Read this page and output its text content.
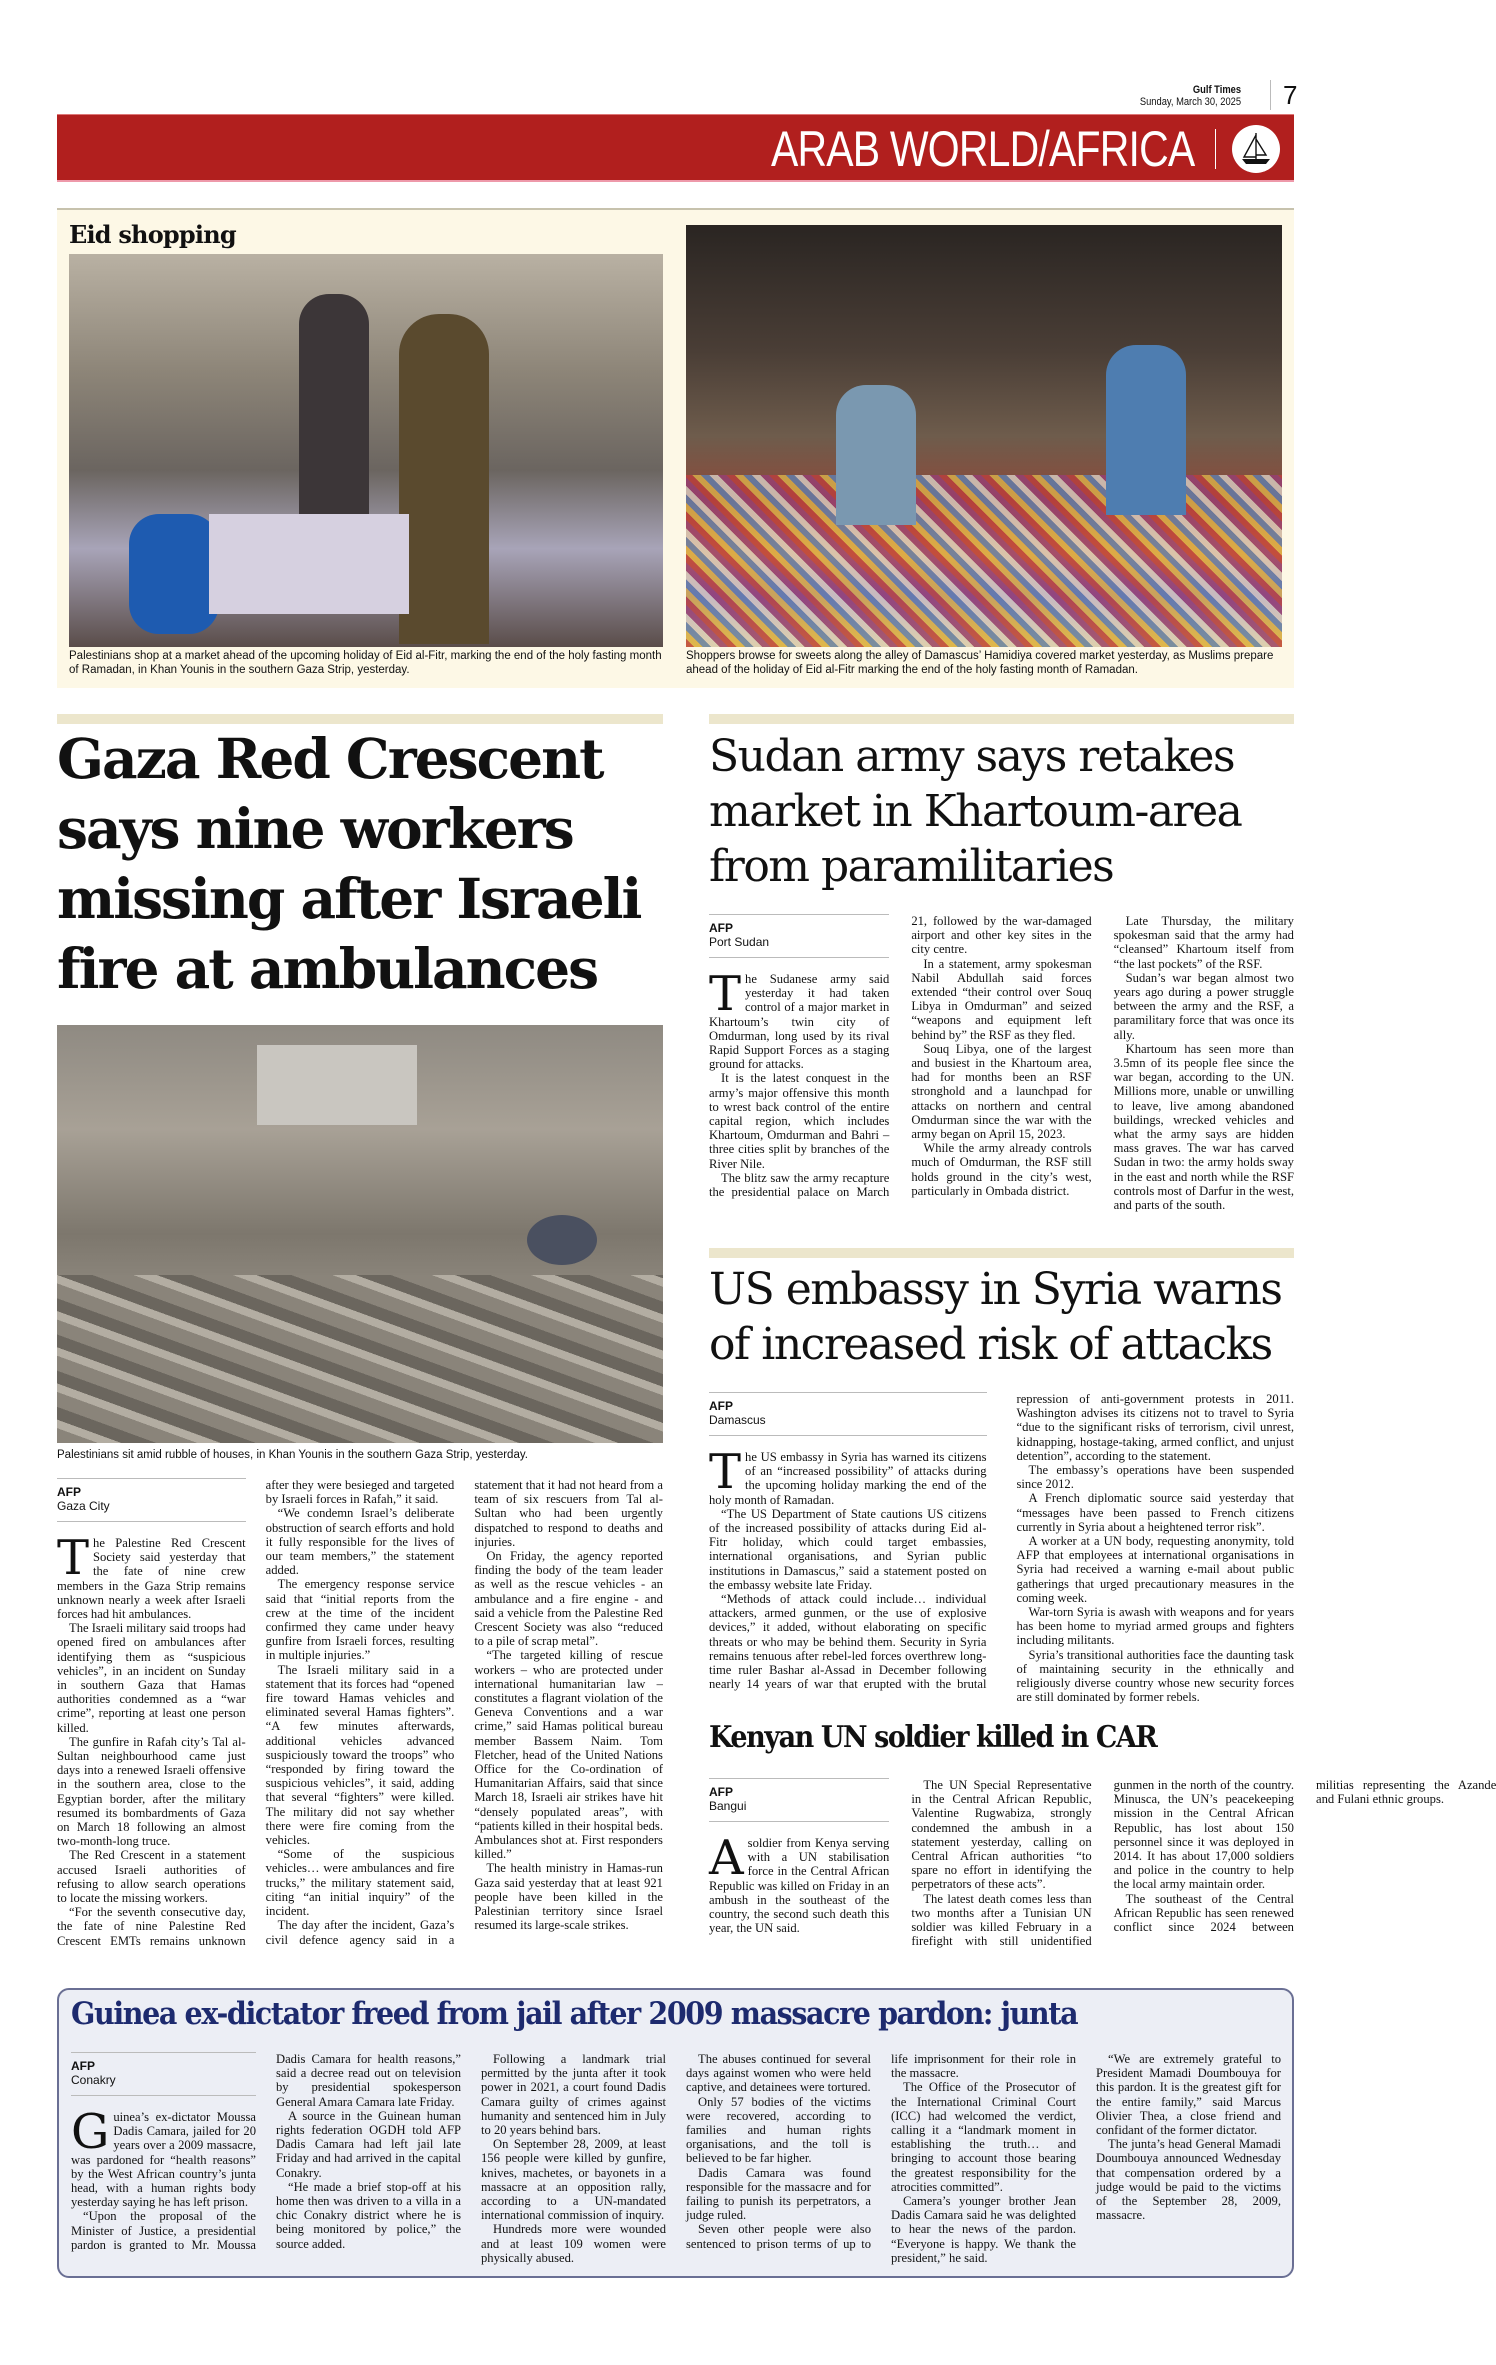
Gulf Times
Sunday, March 30, 2025	7
ARAB WORLD/AFRICA
Eid shopping
Palestinians shop at a market ahead of the upcoming holiday of Eid al-Fitr, marking the end of the holy fasting month of Ramadan, in Khan Younis in the southern Gaza Strip, yesterday.
Shoppers browse for sweets along the alley of Damascus’ Hamidiya covered market yesterday, as Muslims prepare ahead of the holiday of Eid al-Fitr marking the end of the holy fasting month of Ramadan.
Gaza Red Crescent says nine workers missing after Israeli fire at ambulances
Palestinians sit amid rubble of houses, in Khan Younis in the southern Gaza Strip, yesterday.
AFP
Gaza City

The Palestine Red Crescent Society said yesterday that the fate of nine crew members in the Gaza Strip remains unknown nearly a week after Israeli forces had hit ambulances.

The Israeli military said troops had opened fired on ambulances after identifying them as “suspicious vehicles”, in an incident on Sunday in southern Gaza that Hamas authorities condemned as a “war crime”, reporting at least one person killed.

The gunfire in Rafah city’s Tal al-Sultan neighbourhood came just days into a renewed Israeli offensive in the southern area, close to the Egyptian border, after the military resumed its bombardments of Gaza on March 18 following an almost two-month-long truce.

The Red Crescent in a statement accused Israeli authorities of refusing to allow search operations to locate the missing workers.

“For the seventh consecutive day, the fate of nine Palestine Red Crescent EMTs remains unknown after they were besieged and targeted by Israeli forces in Rafah,” it said.

“We condemn Israel’s deliberate obstruction of search efforts and hold it fully responsible for the lives of our team members,” the statement added.

The emergency response service said that “initial reports from the crew at the time of the incident confirmed they came under heavy gunfire from Israeli forces, resulting in multiple injuries.”

The Israeli military said in a statement that its forces had “opened fire toward Hamas vehicles and eliminated several Hamas fighters”. “A few minutes afterwards, additional vehicles advanced suspiciously toward the troops” who “responded by firing toward the suspicious vehicles”, it said, adding that several “fighters” were killed. The military did not say whether there were fire coming from the vehicles.

“Some of the suspicious vehicles… were ambulances and fire trucks,” the military statement said, citing “an initial inquiry” of the incident.

The day after the incident, Gaza’s civil defence agency said in a statement that it had not heard from a team of six rescuers from Tal al-Sultan who had been urgently dispatched to respond to deaths and injuries.

On Friday, the agency reported finding the body of the team leader as well as the rescue vehicles - an ambulance and a fire engine - and said a vehicle from the Palestine Red Crescent Society was also “reduced to a pile of scrap metal”.

“The targeted killing of rescue workers – who are protected under international humanitarian law – constitutes a flagrant violation of the Geneva Conventions and a war crime,” said Hamas political bureau member Bassem Naim. Tom Fletcher, head of the United Nations Office for the Co-ordination of Humanitarian Affairs, said that since March 18, Israeli air strikes have hit “densely populated areas”, with “patients killed in their hospital beds. Ambulances shot at. First responders killed.”

The health ministry in Hamas-run Gaza said yesterday that at least 921 people have been killed in the Palestinian territory since Israel resumed its large-scale strikes.

Sudan army says retakes market in Khartoum-area from paramilitaries
AFP
Port Sudan

The Sudanese army said yesterday it had taken control of a major market in Khartoum’s twin city of Omdurman, long used by its rival Rapid Support Forces as a staging ground for attacks.

It is the latest conquest in the army’s major offensive this month to wrest back control of the entire capital region, which includes Khartoum, Omdurman and Bahri – three cities split by branches of the River Nile.

The blitz saw the army recapture the presidential palace on March 21, followed by the war-damaged airport and other key sites in the city centre.

In a statement, army spokesman Nabil Abdullah said forces extended “their control over Souq Libya in Omdurman” and seized “weapons and equipment left behind by” the RSF as they fled.

Souq Libya, one of the largest and busiest in the Khartoum area, had for months been an RSF stronghold and a launchpad for attacks on northern and central Omdurman since the war with the army began on April 15, 2023.

While the army already controls much of Omdurman, the RSF still holds ground in the city’s west, particularly in Ombada district.

Late Thursday, the military spokesman said that the army had “cleansed” Khartoum itself from “the last pockets” of the RSF.

Sudan’s war began almost two years ago during a power struggle between the army and the RSF, a paramilitary force that was once its ally.

Khartoum has seen more than 3.5mn of its people flee since the war began, according to the UN. Millions more, unable or unwilling to leave, live among abandoned buildings, wrecked vehicles and what the army says are hidden mass graves. The war has carved Sudan in two: the army holds sway in the east and north while the RSF controls most of Darfur in the west, and parts of the south.

US embassy in Syria warns of increased risk of attacks
AFP
Damascus

The US embassy in Syria has warned its citizens of an “increased possibility” of attacks during the upcoming holiday marking the end of the holy month of Ramadan.

“The US Department of State cautions US citizens of the increased possibility of attacks during Eid al-Fitr holiday, which could target embassies, international organisations, and Syrian public institutions in Damascus,” said a statement posted on the embassy website late Friday.

“Methods of attack could include… individual attackers, armed gunmen, or the use of explosive devices,” it added, without elaborating on specific threats or who may be behind them. Security in Syria remains tenuous after rebel-led forces overthrew long-time ruler Bashar al-Assad in December following nearly 14 years of war that erupted with the brutal repression of anti-government protests in 2011. Washington advises its citizens not to travel to Syria “due to the significant risks of terrorism, civil unrest, kidnapping, hostage-taking, armed conflict, and unjust detention”, according to the statement.

The embassy’s operations have been suspended since 2012.

A French diplomatic source said yesterday that “messages have been passed to French citizens currently in Syria about a heightened terror risk”.

A worker at a UN body, requesting anonymity, told AFP that employees at international organisations in Syria had received a warning e-mail about public gatherings that urged precautionary measures in the coming week.

War-torn Syria is awash with weapons and for years has been home to myriad armed groups and fighters including militants.

Syria’s transitional authorities face the daunting task of maintaining security in the ethnically and religiously diverse country whose new security forces are still dominated by former rebels.

Kenyan UN soldier killed in CAR
AFP
Bangui

Asoldier from Kenya serving with a UN stabilisation force in the Central African Republic was killed on Friday in an ambush in the southeast of the country, the second such death this year, the UN said.

The UN Special Representative in the Central African Republic, Valentine Rugwabiza, strongly condemned the ambush in a statement yesterday, calling on Central African authorities “to spare no effort in identifying the perpetrators of these acts”.

The latest death comes less than two months after a Tunisian UN soldier was killed February in a firefight with still unidentified gunmen in the north of the country. Minusca, the UN’s peacekeeping mission in the Central African Republic, has lost about 150 personnel since it was deployed in 2014. It has about 17,000 soldiers and police in the country to help the local army maintain order.

The southeast of the Central African Republic has seen renewed conflict since 2024 between militias representing the Azande and Fulani ethnic groups.

Guinea ex-dictator freed from jail after 2009 massacre pardon: junta
AFP
Conakry

Guinea’s ex-dictator Moussa Dadis Camara, jailed for 20 years over a 2009 massacre, was pardoned for “health reasons” by the West African country’s junta head, with a human rights body yesterday saying he has left prison.

“Upon the proposal of the Minister of Justice, a presidential pardon is granted to Mr. Moussa Dadis Camara for health reasons,” said a decree read out on television by presidential spokesperson General Amara Camara late Friday.

A source in the Guinean human rights federation OGDH told AFP Dadis Camara had left jail late Friday and had arrived in the capital Conakry.

“He made a brief stop-off at his home then was driven to a villa in a chic Conakry district where he is being monitored by police,” the source added.

Following a landmark trial permitted by the junta after it took power in 2021, a court found Dadis Camara guilty of crimes against humanity and sentenced him in July to 20 years behind bars.

On September 28, 2009, at least 156 people were killed by gunfire, knives, machetes, or bayonets in a massacre at an opposition rally, according to a UN-mandated international commission of inquiry.

Hundreds more were wounded and at least 109 women were physically abused.

The abuses continued for several days against women who were held captive, and detainees were tortured.

Only 57 bodies of the victims were recovered, according to families and human rights organisations, and the toll is believed to be far higher.

Dadis Camara was found responsible for the massacre and for failing to punish its perpetrators, a judge ruled.

Seven other people were also sentenced to prison terms of up to life imprisonment for their role in the massacre.

The Office of the Prosecutor of the International Criminal Court (ICC) had welcomed the verdict, calling it a “landmark moment in establishing the truth… and bringing to account those bearing the greatest responsibility for the atrocities committed”.

Camera’s younger brother Jean Dadis Camara said he was delighted to hear the news of the pardon. “Everyone is happy. We thank the president,” he said.

“We are extremely grateful to President Mamadi Doumbouya for this pardon. It is the greatest gift for the entire family,” said Marcus Olivier Thea, a close friend and confidant of the former dictator.

The junta’s head General Mamadi Doumbouya announced Wednesday that compensation ordered by a judge would be paid to the victims of the September 28, 2009, massacre.
